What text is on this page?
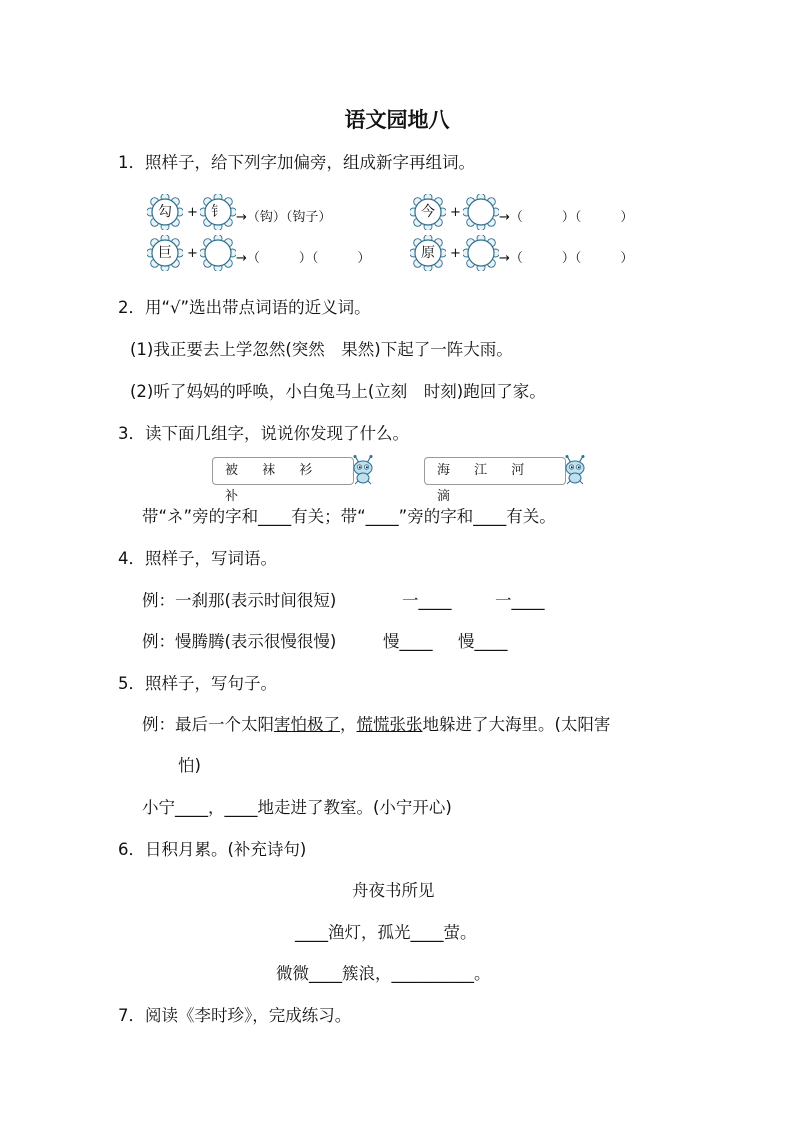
语文园地八
1．照样子，给下列字加偏旁，组成新字再组词。
勾	+ 钅 →（钩）（钩子）	今	+	→（　　　）（　　　）
巨	+	→（　　　）（　　　）	原	+	→（　　　）（　　　）
2．用“√”选出带点词语的近义词。
(1)我正要去上学忽然(突然　果然)下起了一阵大雨。
(2)听了妈妈的呼唤，小白兔马上(立刻　时刻)跑回了家。
3．读下面几组字，说说你发现了什么。
被 袜 衫 补
海 江 河 滴
带“ネ”旁的字和____有关；带“____”旁的字和____有关。
4．照样子，写词语。
例：一刹那(表示时间很短)	一____	一____
例：慢腾腾(表示很慢很慢)	慢____ 慢____
5．照样子，写句子。
例：最后一个太阳害怕极了，慌慌张张地躲进了大海里。(太阳害
怕)
小宁____，____地走进了教室。(小宁开心)
6．日积月累。(补充诗句)
舟夜书所见
____渔灯，孤光____萤。
微微____簇浪，__________。
7．阅读《李时珍》，完成练习。
